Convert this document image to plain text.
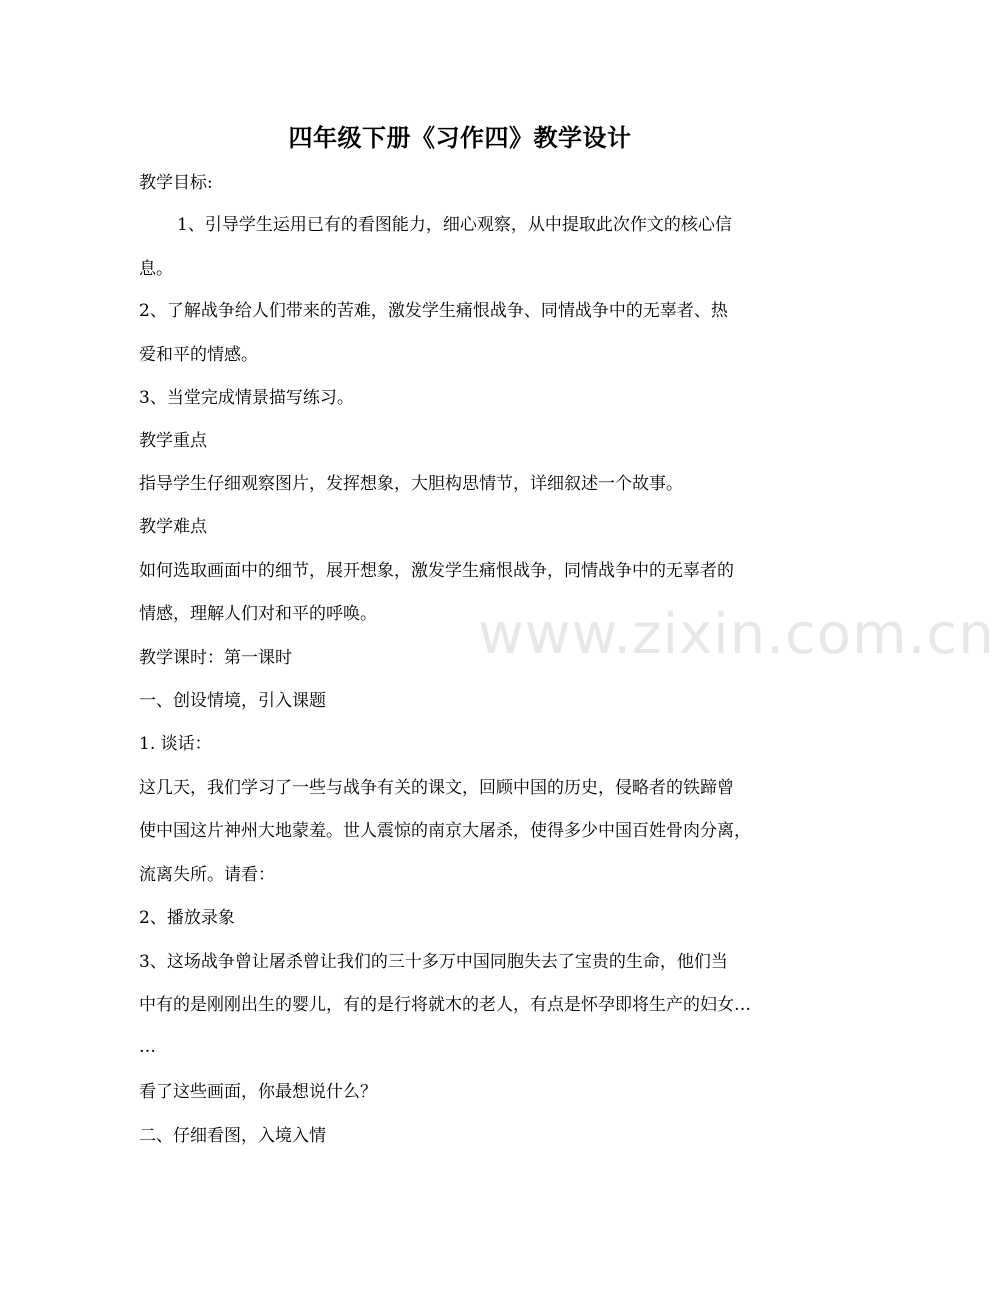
四年级下册《习作四》教学设计
教学目标:
1、引导学生运用已有的看图能力，细心观察，从中提取此次作文的核心信
息。
2、了解战争给人们带来的苦难，激发学生痛恨战争、同情战争中的无辜者、热
爱和平的情感。
3、当堂完成情景描写练习。
教学重点
指导学生仔细观察图片，发挥想象，大胆构思情节，详细叙述一个故事。
教学难点
如何选取画面中的细节，展开想象，激发学生痛恨战争，同情战争中的无辜者的
情感，理解人们对和平的呼唤。
教学课时：第一课时
一、创设情境，引入课题
1. 谈话：
这几天，我们学习了一些与战争有关的课文，回顾中国的历史，侵略者的铁蹄曾
使中国这片神州大地蒙羞。世人震惊的南京大屠杀，使得多少中国百姓骨肉分离，
流离失所。请看：
2、播放录象
3、这场战争曾让屠杀曾让我们的三十多万中国同胞失去了宝贵的生命，他们当
中有的是刚刚出生的婴儿，有的是行将就木的老人，有点是怀孕即将生产的妇女…
…
看了这些画面，你最想说什么？
二、仔细看图，入境入情
www.zixin.com.cn
